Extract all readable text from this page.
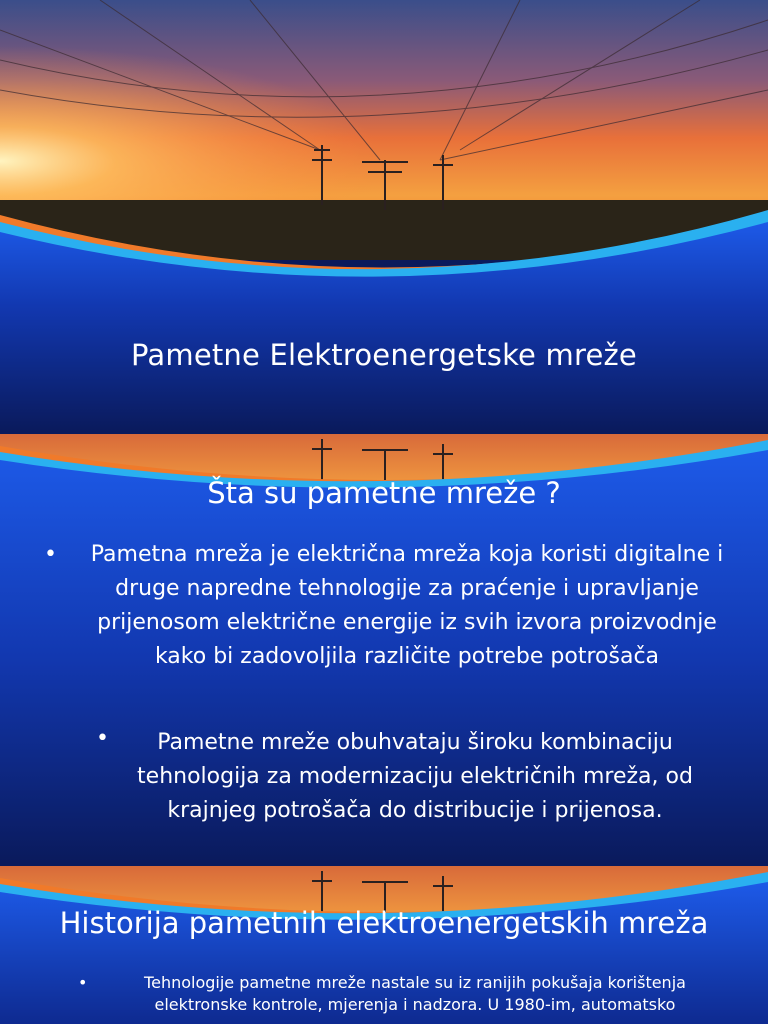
Pametne Elektroenergetske mreže
Šta su pametne mreže ?
•	Pametna mreža je električna mreža koja koristi digitalne i druge napredne tehnologije za praćenje i upravljanje prijenosom električne energije iz svih izvora proizvodnje kako bi zadovoljila različite potrebe potrošača
•	Pametne mreže obuhvataju široku kombinaciju tehnologija za modernizaciju električnih mreža, od krajnjeg potrošača do distribucije i prijenosa.
Historija pametnih elektroenergetskih mreža
•	Tehnologije pametne mreže nastale su iz ranijih pokušaja korištenja elektronske kontrole, mjerenja i nadzora. U 1980-im, automatsko
